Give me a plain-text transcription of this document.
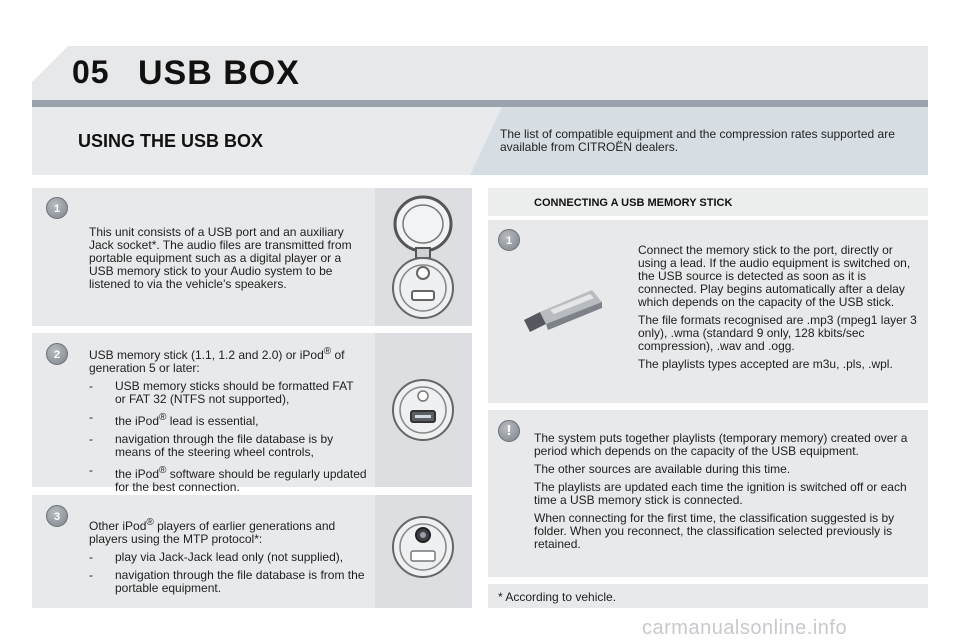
05 USB BOX
USING THE USB BOX	The list of compatible equipment and the compression rates supported are available from CITROËN dealers.
1
This unit consists of a USB port and an auxiliary Jack socket*. The audio files are transmitted from portable equipment such as a digital player or a USB memory stick to your Audio system to be listened to via the vehicle's speakers.
2	USB memory stick (1.1, 1.2 and 2.0) or iPod® of generation 5 or later:

- USB memory sticks should be formatted FAT or FAT 32 (NTFS not supported),
- the iPod® lead is essential,
- navigation through the file database is by means of the steering wheel controls,
- the iPod® software should be regularly updated for the best connection.
3

Other iPod® players of earlier generations and players using the MTP protocol*:

- play via Jack-Jack lead only (not supplied),
- navigation through the file database is from the portable equipment.
CONNECTING A USB MEMORY STICK
1

Connect the memory stick to the port, directly or using a lead. If the audio equipment is switched on, the USB source is detected as soon as it is connected. Play begins automatically after a delay which depends on the capacity of the USB stick.

The file formats recognised are .mp3 (mpeg1 layer 3 only), .wma (standard 9 only, 128 kbits/sec compression), .wav and .ogg.

The playlists types accepted are m3u, .pls, .wpl.

!	The system puts together playlists (temporary memory) created over a period which depends on the capacity of the USB equipment.

The other sources are available during this time.

The playlists are updated each time the ignition is switched off or each time a USB memory stick is connected.

When connecting for the first time, the classification suggested is by folder. When you reconnect, the classification selected previously is retained.

* According to vehicle.
carmanualsonline.info
